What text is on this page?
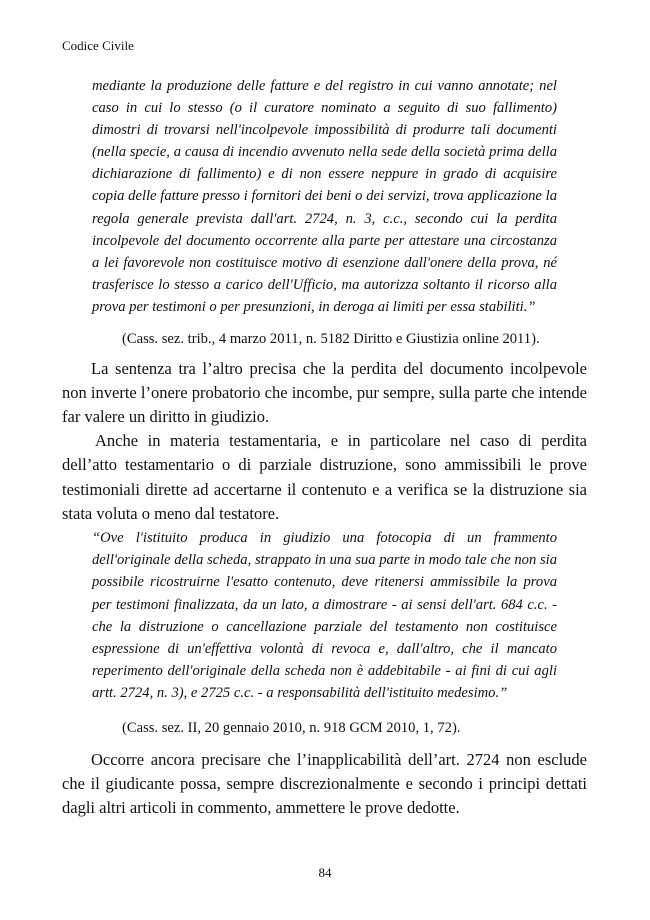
Codice Civile
mediante la produzione delle fatture e del registro in cui vanno annotate; nel caso in cui lo stesso (o il curatore nominato a seguito di suo fallimento) dimostri di trovarsi nell'incolpevole impossibilità di produrre tali documenti (nella specie, a causa di incendio avvenuto nella sede della società prima della dichiarazione di fallimento) e di non essere neppure in grado di acquisire copia delle fatture presso i fornitori dei beni o dei servizi, trova applicazione la regola generale prevista dall'art. 2724, n. 3, c.c., secondo cui la perdita incolpevole del documento occorrente alla parte per attestare una circostanza a lei favorevole non costituisce motivo di esenzione dall'onere della prova, né trasferisce lo stesso a carico dell'Ufficio, ma autorizza soltanto il ricorso alla prova per testimoni o per presunzioni, in deroga ai limiti per essa stabiliti.”
(Cass. sez. trib., 4 marzo 2011, n. 5182 Diritto e Giustizia online 2011).
La sentenza tra l’altro precisa che la perdita del documento incolpevole non inverte l’onere probatorio che incombe, pur sempre, sulla parte che intende far valere un diritto in giudizio.
Anche in materia testamentaria, e in particolare nel caso di perdita dell’atto testamentario o di parziale distruzione, sono ammissibili le prove testimoniali dirette ad accertarne il contenuto e a verifica se la distruzione sia stata voluta o meno dal testatore.
“Ove l'istituito produca in giudizio una fotocopia di un frammento dell'originale della scheda, strappato in una sua parte in modo tale che non sia possibile ricostruirne l'esatto contenuto, deve ritenersi ammissibile la prova per testimoni finalizzata, da un lato, a dimostrare - ai sensi dell'art. 684 c.c. - che la distruzione o cancellazione parziale del testamento non costituisce espressione di un'effettiva volontà di revoca e, dall'altro, che il mancato reperimento dell'originale della scheda non è addebitabile - ai fini di cui agli artt. 2724, n. 3), e 2725 c.c. - a responsabilità dell'istituito medesimo.”
(Cass. sez. II, 20 gennaio 2010, n. 918 GCM 2010, 1, 72).
Occorre ancora precisare che l’inapplicabilità dell’art. 2724 non esclude che il giudicante possa, sempre discrezionalmente e secondo i principi dettati dagli altri articoli in commento, ammettere le prove dedotte.
84
